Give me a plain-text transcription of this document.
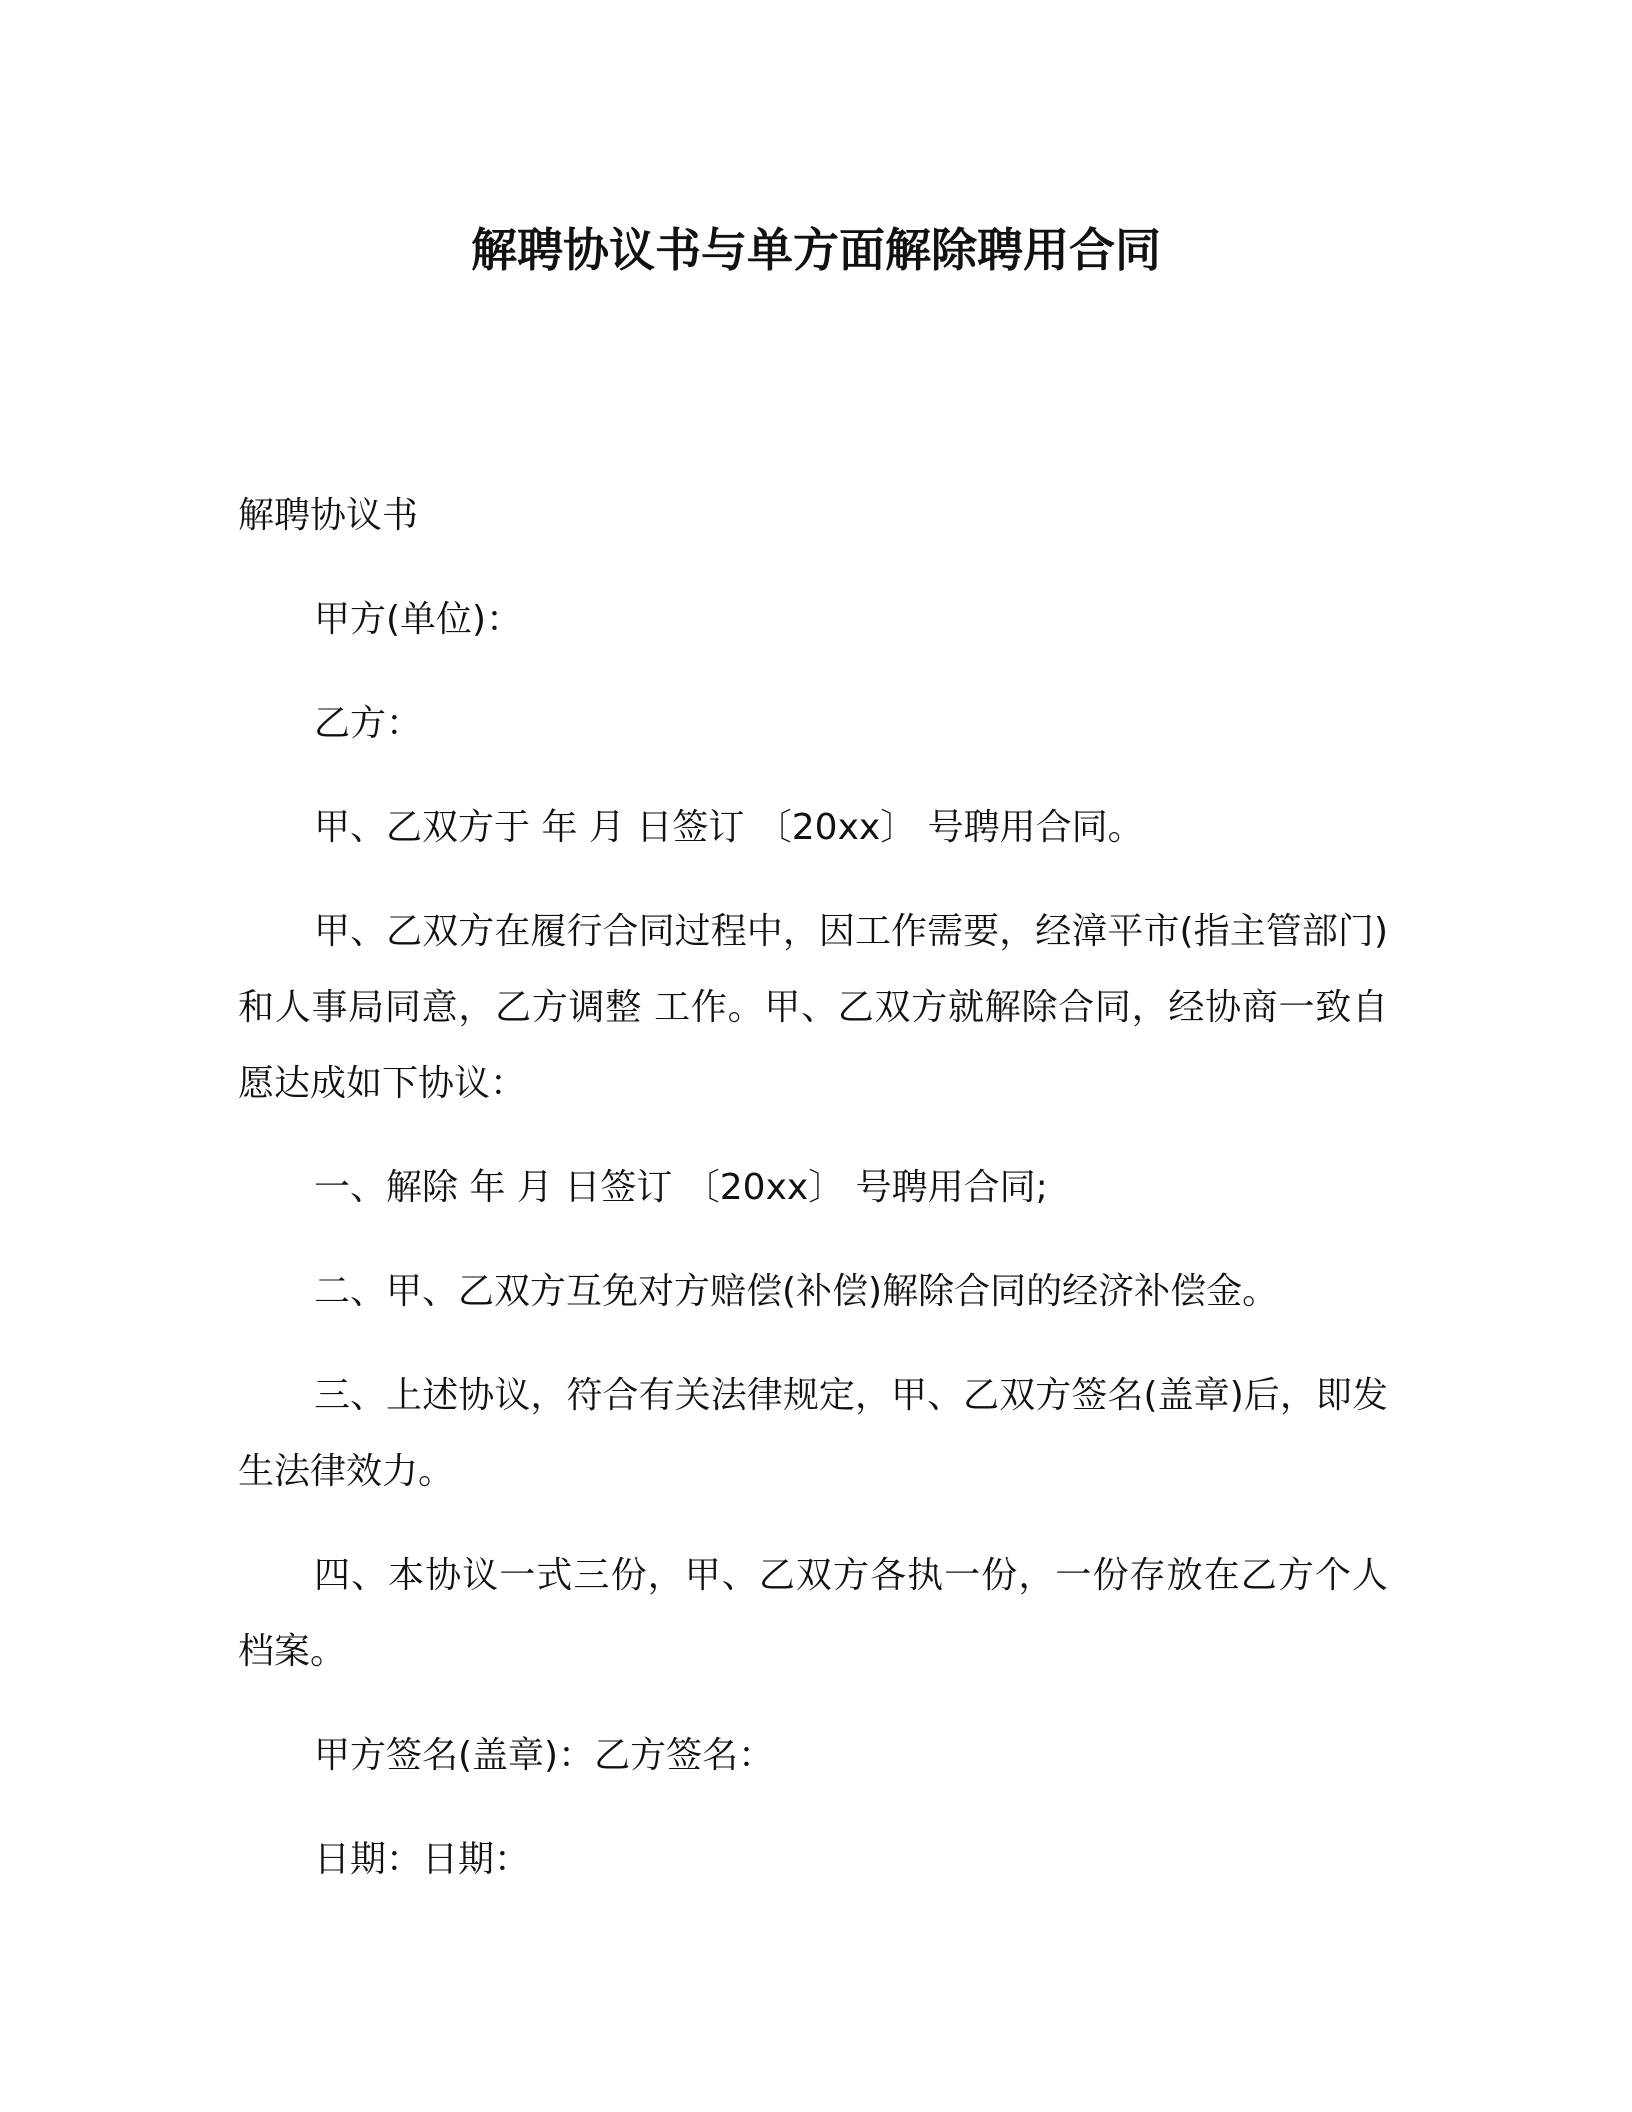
解聘协议书与单方面解除聘用合同
解聘协议书
甲方(单位)：
乙方：
甲、乙双方于 年 月 日签订 〔20xx〕 号聘用合同。
甲、乙双方在履行合同过程中，因工作需要，经漳平市(指主管部门)和人事局同意，乙方调整 工作。甲、乙双方就解除合同，经协商一致自愿达成如下协议：
一、解除 年 月 日签订 〔20xx〕 号聘用合同;
二、甲、乙双方互免对方赔偿(补偿)解除合同的经济补偿金。
三、上述协议，符合有关法律规定，甲、乙双方签名(盖章)后，即发生法律效力。
四、本协议一式三份，甲、乙双方各执一份，一份存放在乙方个人档案。
甲方签名(盖章)：乙方签名：
日期：日期：
